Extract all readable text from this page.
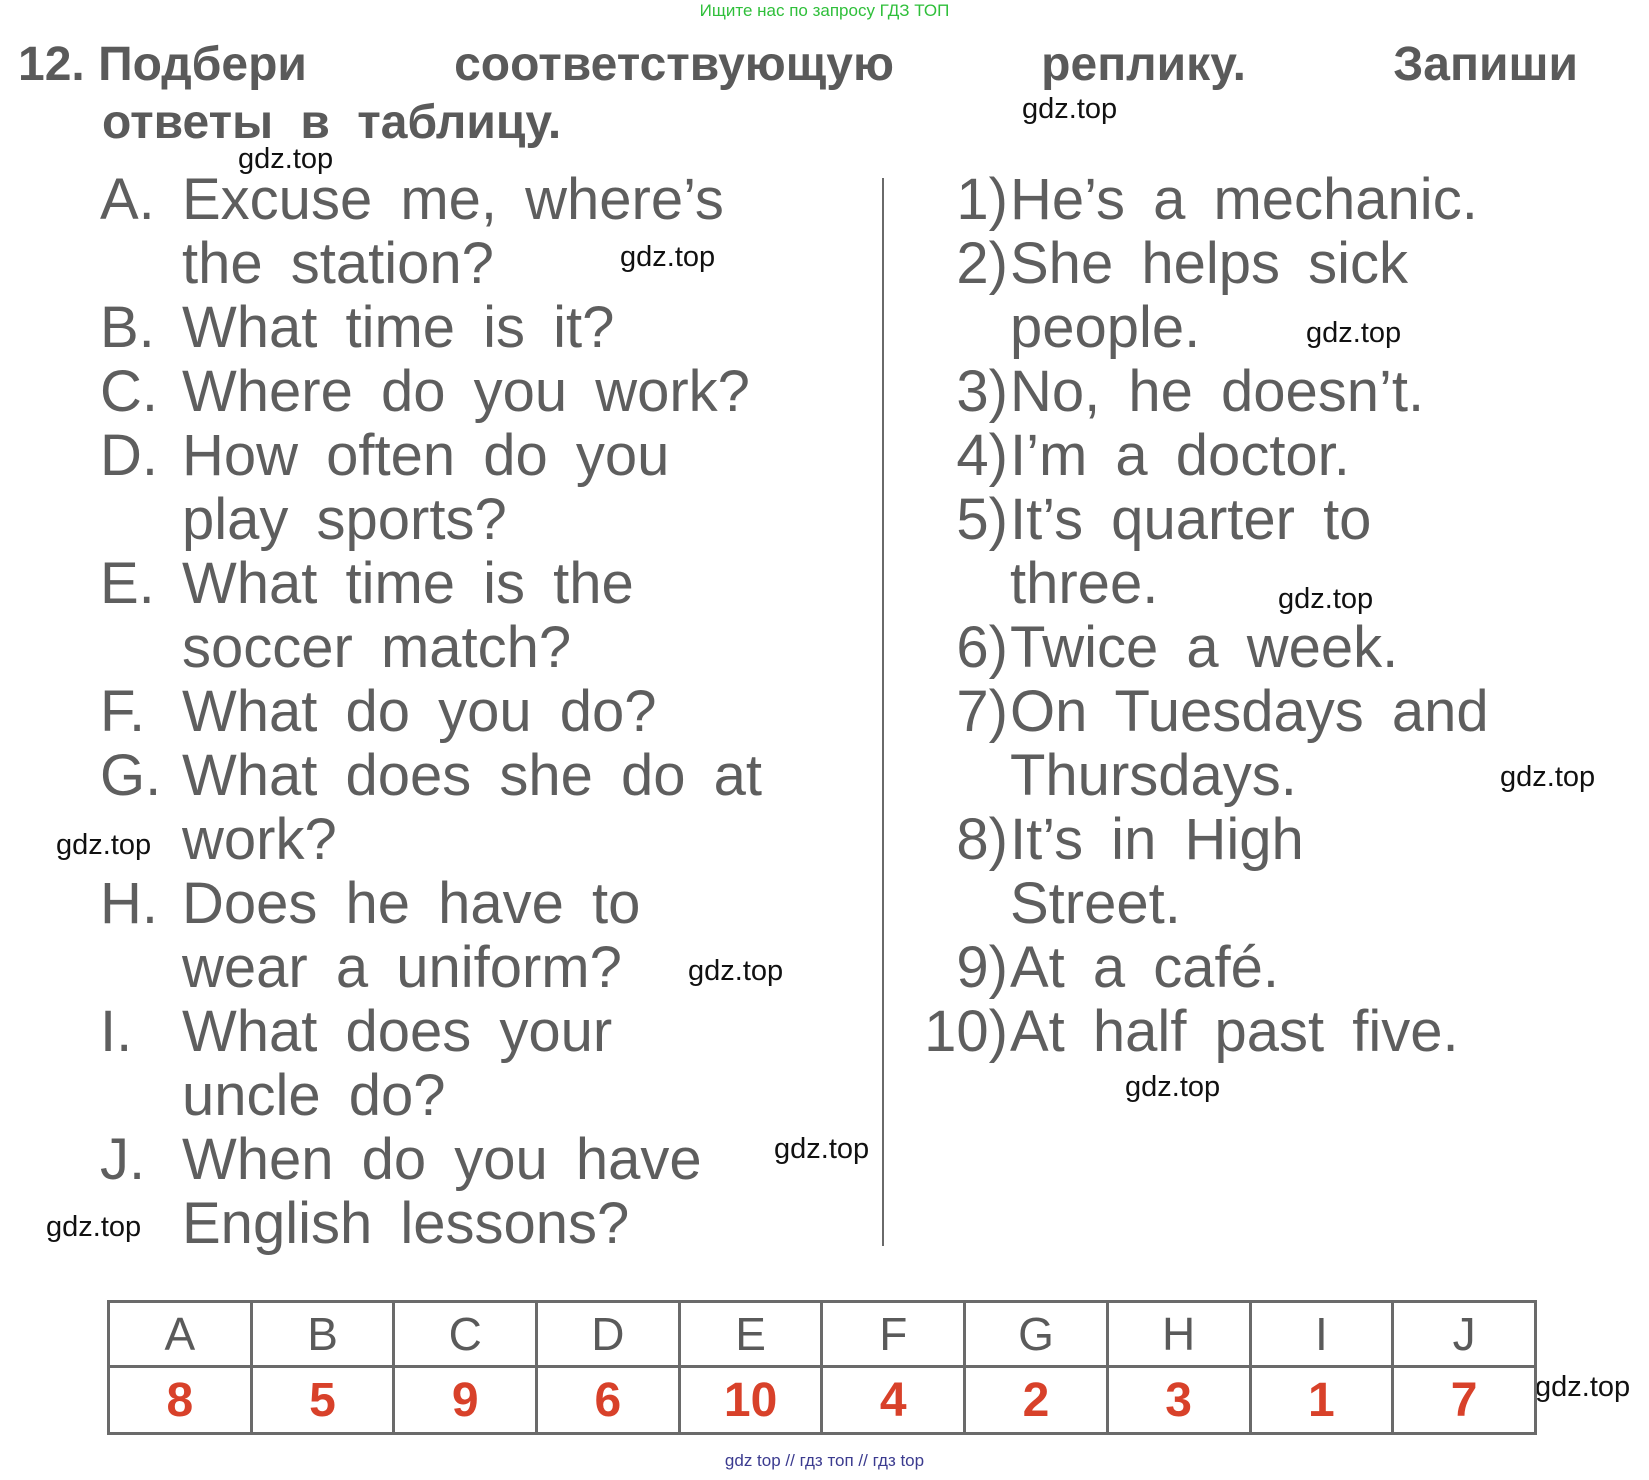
Ищите нас по запросу ГДЗ ТОП
12. Подбери	соответствующую	реплику.	Запиши
ответы в таблицу.
A. Excuse me, where’s
the station?
B. What time is it?
C. Where do you work?
D. How often do you
play sports?
E. What time is the
soccer match?
F. What do you do?
G. What does she do at
work?
H. Does he have to
wear a uniform?
I. What does your
uncle do?
J. When do you have
English lessons?
1) He’s a mechanic.
2) She helps sick
people.
3) No, he doesn’t.
4) I’m a doctor.
5) It’s quarter to
three.
6) Twice a week.
7) On Tuesdays and
Thursdays.
8) It’s in High
Street.
9) At a café.
10) At half past five.
gdz.top
gdz.top
gdz.top
gdz.top
gdz.top
gdz.top
gdz.top
gdz.top
gdz.top
gdz.top
gdz.top
gdz.top
A	B	C	D	E	F	G	H	I	J
8	5	9	6	10	4	2	3	1	7
gdz top // гдз топ // гдз top
